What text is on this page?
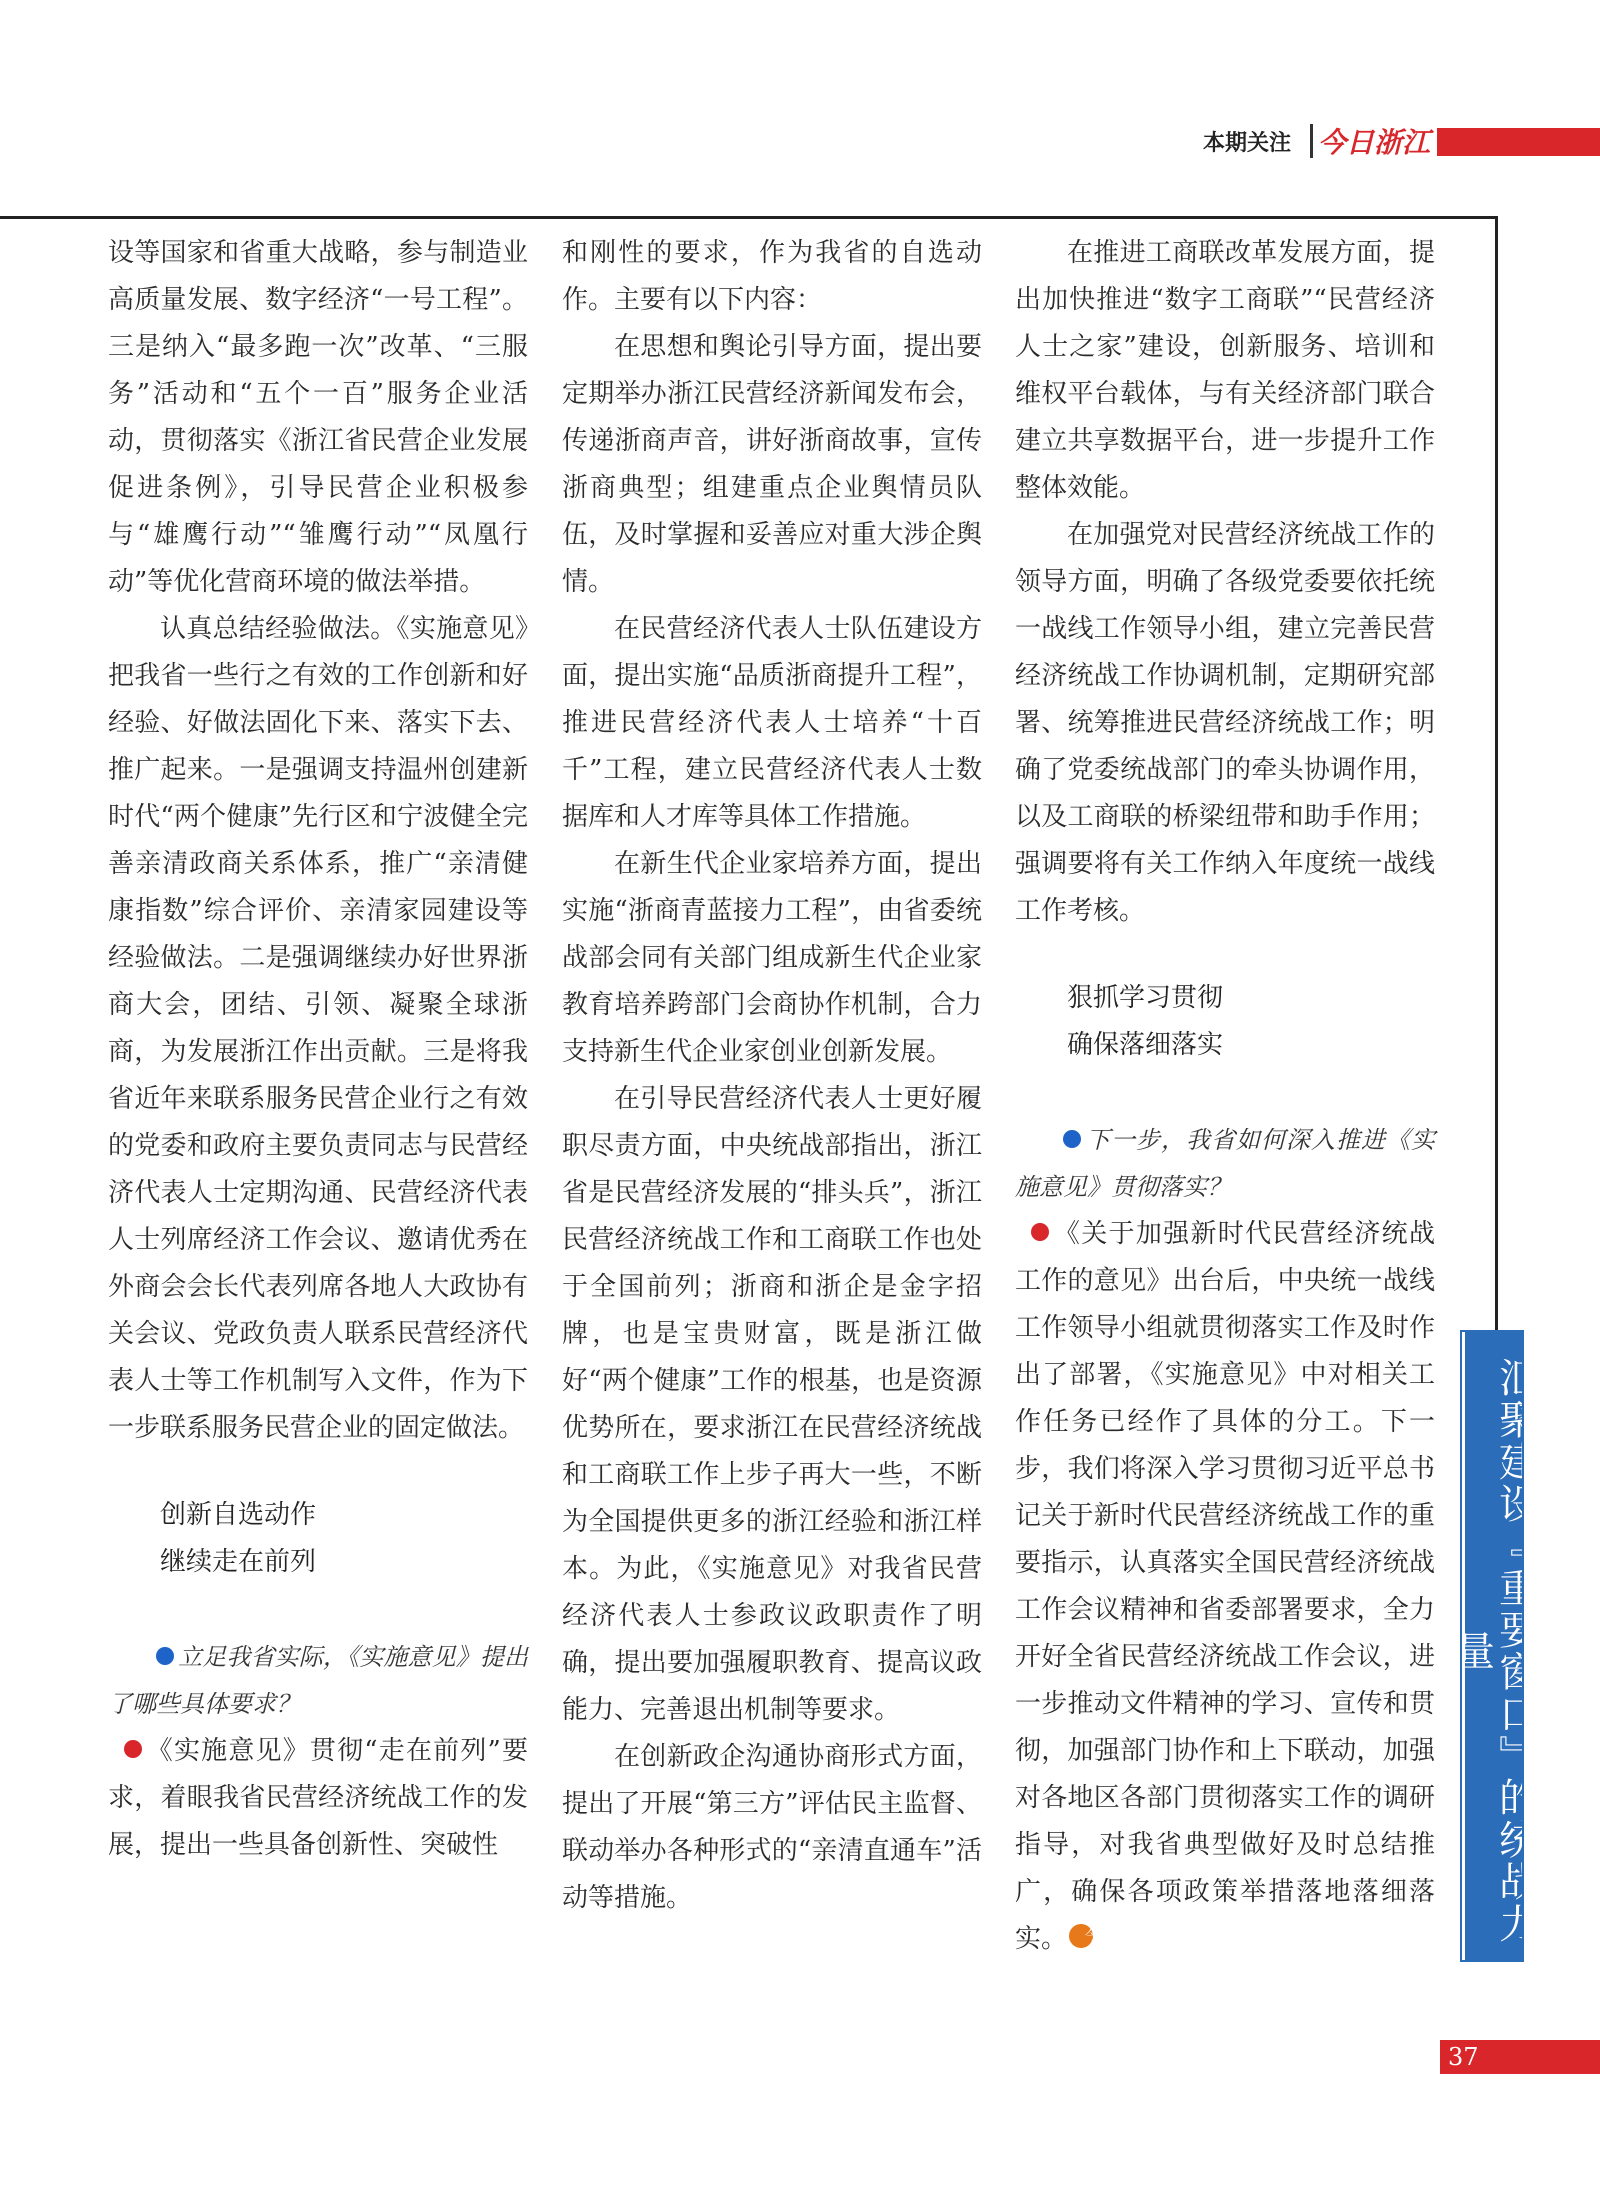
本期关注 今日浙江

设等国家和省重大战略，参与制造业高质量发展、数字经济“一号工程”。三是纳入“最多跑一次”改革、“三服务”活动和“五个一百”服务企业活动，贯彻落实《浙江省民营企业发展促进条例》，引导民营企业积极参与“雄鹰行动”“雏鹰行动”“凤凰行动”等优化营商环境的做法举措。

认真总结经验做法。《实施意见》把我省一些行之有效的工作创新和好经验、好做法固化下来、落实下去、推广起来。一是强调支持温州创建新时代“两个健康”先行区和宁波健全完善亲清政商关系体系，推广“亲清健康指数”综合评价、亲清家园建设等经验做法。二是强调继续办好世界浙商大会，团结、引领、凝聚全球浙商，为发展浙江作出贡献。三是将我省近年来联系服务民营企业行之有效的党委和政府主要负责同志与民营经济代表人士定期沟通、民营经济代表人士列席经济工作会议、邀请优秀在外商会会长代表列席各地人大政协有关会议、党政负责人联系民营经济代表人士等工作机制写入文件，作为下一步联系服务民营企业的固定做法。

创新自选动作

继续走在前列

立足我省实际，《实施意见》提出了哪些具体要求？

《实施意见》贯彻“走在前列”要求，着眼我省民营经济统战工作的发展，提出一些具备创新性、突破性

和刚性的要求，作为我省的自选动作。主要有以下内容：

在思想和舆论引导方面，提出要定期举办浙江民营经济新闻发布会，传递浙商声音，讲好浙商故事，宣传浙商典型；组建重点企业舆情员队伍，及时掌握和妥善应对重大涉企舆情。

在民营经济代表人士队伍建设方面，提出实施“品质浙商提升工程”，推进民营经济代表人士培养“十百千”工程，建立民营经济代表人士数据库和人才库等具体工作措施。

在新生代企业家培养方面，提出实施“浙商青蓝接力工程”，由省委统战部会同有关部门组成新生代企业家教育培养跨部门会商协作机制，合力支持新生代企业家创业创新发展。

在引导民营经济代表人士更好履职尽责方面，中央统战部指出，浙江省是民营经济发展的“排头兵”，浙江民营经济统战工作和工商联工作也处于全国前列；浙商和浙企是金字招牌，也是宝贵财富，既是浙江做好“两个健康”工作的根基，也是资源优势所在，要求浙江在民营经济统战和工商联工作上步子再大一些，不断为全国提供更多的浙江经验和浙江样本。为此，《实施意见》对我省民营经济代表人士参政议政职责作了明确，提出要加强履职教育、提高议政能力、完善退出机制等要求。

在创新政企沟通协商形式方面，提出了开展“第三方”评估民主监督、联动举办各种形式的“亲清直通车”活动等措施。

在推进工商联改革发展方面，提出加快推进“数字工商联”“民营经济人士之家”建设，创新服务、培训和维权平台载体，与有关经济部门联合建立共享数据平台，进一步提升工作整体效能。

在加强党对民营经济统战工作的领导方面，明确了各级党委要依托统一战线工作领导小组，建立完善民营经济统战工作协调机制，定期研究部署、统筹推进民营经济统战工作；明确了党委统战部门的牵头协调作用，以及工商联的桥梁纽带和助手作用；强调要将有关工作纳入年度统一战线工作考核。

狠抓学习贯彻

确保落细落实

下一步，我省如何深入推进《实施意见》贯彻落实？

《关于加强新时代民营经济统战工作的意见》出台后，中央统一战线工作领导小组就贯彻落实工作及时作出了部署，《实施意见》中对相关工作任务已经作了具体的分工。下一步，我们将深入学习贯彻习近平总书记关于新时代民营经济统战工作的重要指示，认真落实全国民营经济统战工作会议精神和省委部署要求，全力开好全省民营经济统战工作会议，进一步推动文件精神的学习、宣传和贯彻，加强部门协作和上下联动，加强对各地区各部门贯彻落实工作的调研指导，对我省典型做好及时总结推广，确保各项政策举措落地落细落实。 今	汇聚建设『重要窗口』的统战力量
37
